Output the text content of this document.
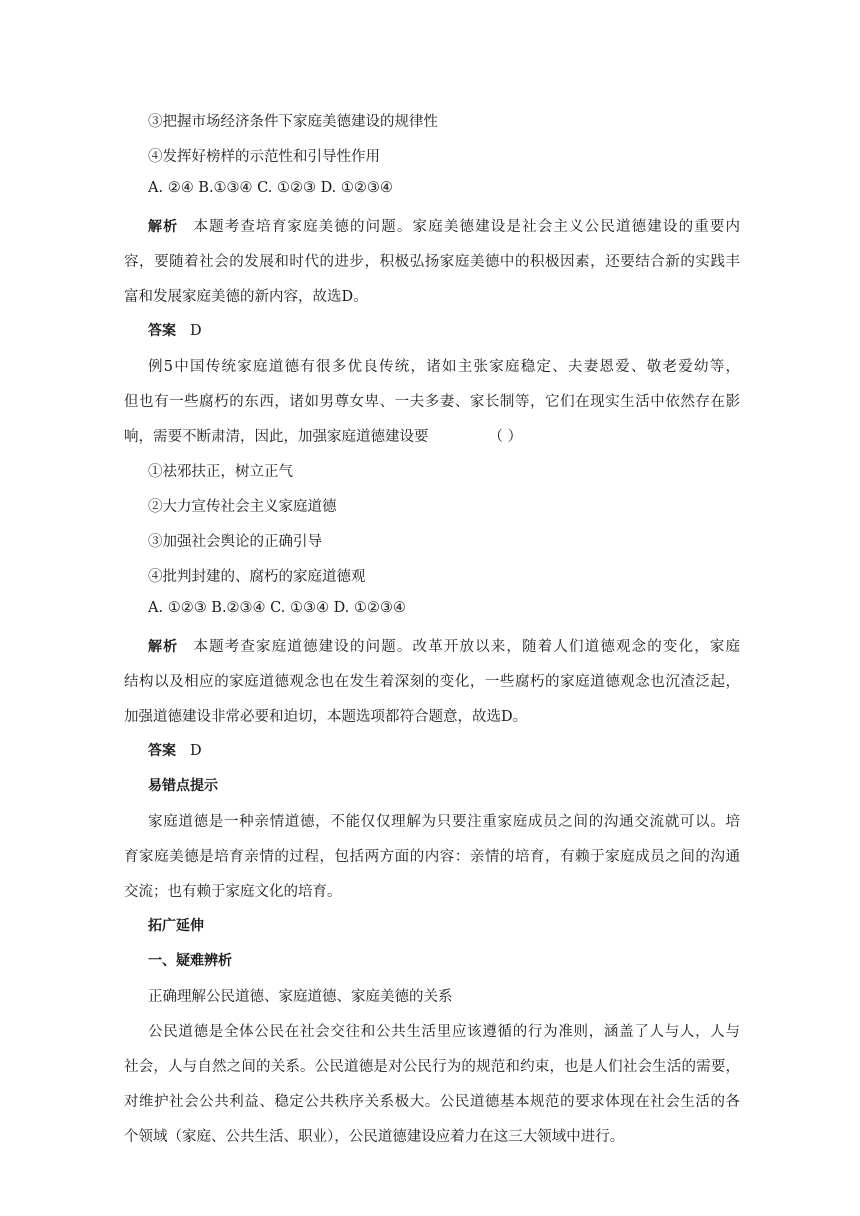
③把握市场经济条件下家庭美德建设的规律性
④发挥好榜样的示范性和引导性作用
A. ②④ B.①③④ C. ①②③ D. ①②③④
解析 本题考查培育家庭美德的问题。家庭美德建设是社会主义公民道德建设的重要内
容，要随着社会的发展和时代的进步，积极弘扬家庭美德中的积极因素，还要结合新的实践丰
富和发展家庭美德的新内容，故选D。
答案 D
例5中国传统家庭道德有很多优良传统，诸如主张家庭稳定、夫妻恩爱、敬老爱幼等，
但也有一些腐朽的东西，诸如男尊女卑、一夫多妻、家长制等，它们在现实生活中依然存在影
响，需要不断肃清，因此，加强家庭道德建设要	（ ）
①祛邪扶正，树立正气
②大力宣传社会主义家庭道德
③加强社会舆论的正确引导
④批判封建的、腐朽的家庭道德观
A. ①②③ B.②③④ C. ①③④ D. ①②③④
解析 本题考查家庭道德建设的问题。改革开放以来，随着人们道德观念的变化，家庭
结构以及相应的家庭道德观念也在发生着深刻的变化，一些腐朽的家庭道德观念也沉渣泛起，
加强道德建设非常必要和迫切，本题选项都符合题意，故选D。
答案 D
易错点提示
家庭道德是一种亲情道德，不能仅仅理解为只要注重家庭成员之间的沟通交流就可以。培
育家庭美德是培育亲情的过程，包括两方面的内容：亲情的培育，有赖于家庭成员之间的沟通
交流；也有赖于家庭文化的培育。
拓广延伸
一、疑难辨析
正确理解公民道德、家庭道德、家庭美德的关系
公民道德是全体公民在社会交往和公共生活里应该遵循的行为准则，涵盖了人与人，人与
社会，人与自然之间的关系。公民道德是对公民行为的规范和约束，也是人们社会生活的需要，
对维护社会公共利益、稳定公共秩序关系极大。公民道德基本规范的要求体现在社会生活的各
个领域（家庭、公共生活、职业），公民道德建设应着力在这三大领域中进行。
